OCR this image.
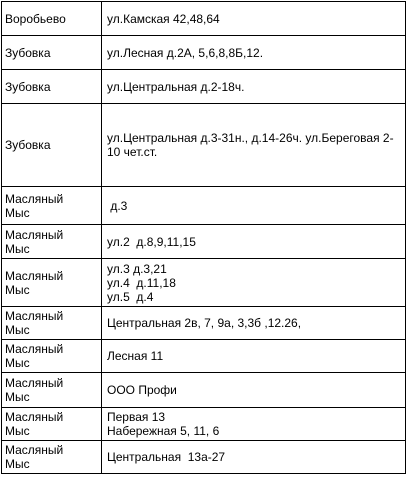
Воробьево	ул.Камская 42,48,64

Зубовка	ул.Лесная д.2А, 5,6,8,8Б,12.

Зубовка	ул.Центральная д.2-18ч.

Зубовка	ул.Центральная д.3-31н., д.14-26ч. ул.Береговая 2-10 чет.ст.

Масляный
Мыс	д.3

Масляный
Мыс	ул.2  д.8,9,11,15

Масляный
Мыс	ул.3 д.3,21
ул.4  д.11,18
ул.5  д.4

Масляный
Мыс	Центральная 2в, 7, 9а, 3,3б ,12.26,

Масляный
Мыс	Лесная 11

Масляный
Мыс	ООО Профи

Масляный
Мыс	Первая 13
Набережная 5, 11, 6

Масляный
Мыс	Центральная  13а-27
